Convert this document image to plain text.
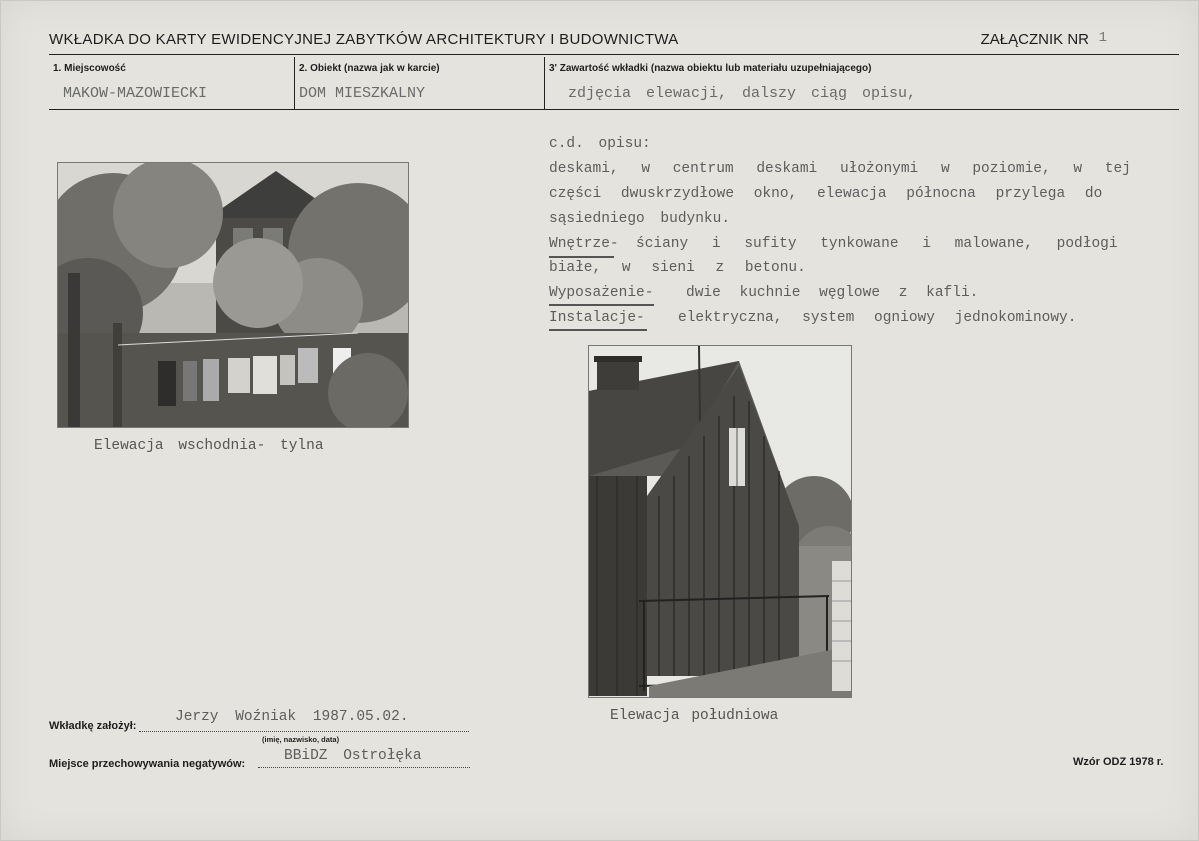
WKŁADKA DO KARTY EWIDENCYJNEJ ZABYTKÓW ARCHITEKTURY I BUDOWNICTWA	ZAŁĄCZNIK NR 1
1. Miejscowość
MAKOW-MAZOWIECKI
2. Obiekt (nazwa jak w karcie)
DOM MIESZKALNY
3' Zawartość wkładki (nazwa obiektu lub materiału uzupełniającego)
zdjęcia elewacji, dalszy ciąg opisu,
c.d. opisu:
deskami, w centrum deskami ułożonymi w poziomie, w tej
części dwuskrzydłowe okno, elewacja północna przylega do
sąsiedniego budynku.
Wnętrze- ściany i sufity tynkowane i malowane, podłogi
białe, w sieni z betonu.
Wyposażenie- dwie kuchnie węglowe z kafli.
Instalacje- elektryczna, system ogniowy jednokominowy.
Elewacja wschodnia- tylna
Elewacja południowa
Wkładkę założył:
Jerzy Woźniak 1987.05.02.
(imię, nazwisko, data)
Miejsce przechowywania negatywów:	BBiDZ Ostrołęka	Wzór ODZ 1978 r.
